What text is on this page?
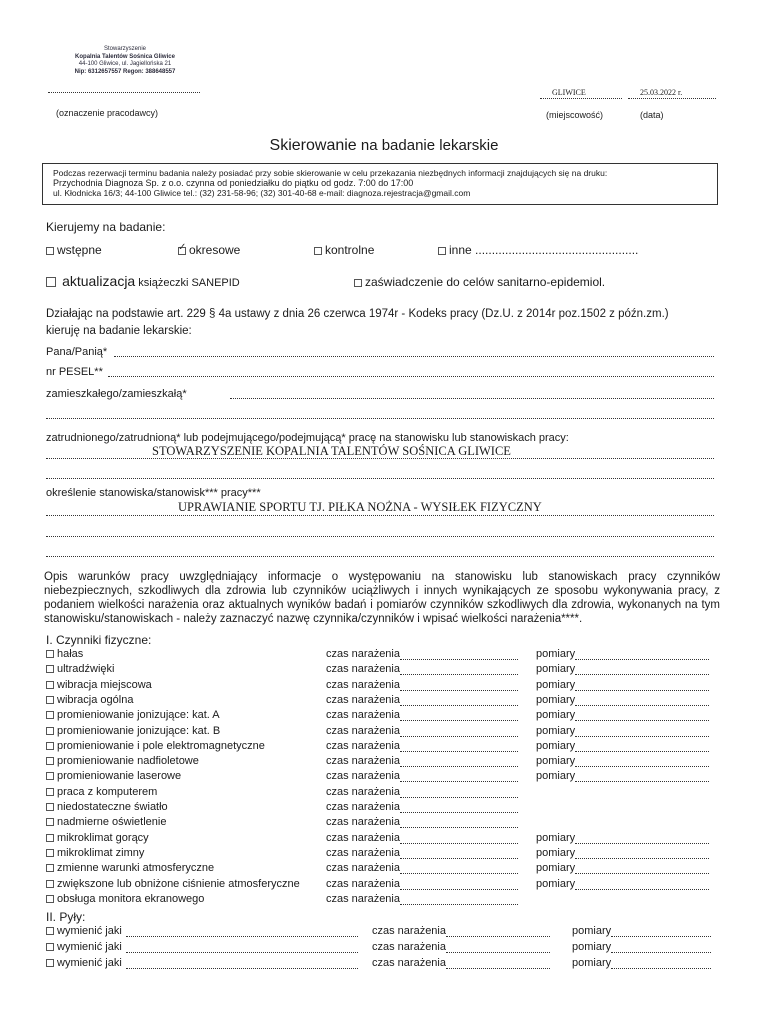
Stowarzyszenie
Kopalnia Talentów Sośnica Gliwice
44-100 Gliwice, ul. Jagiellońska 21
Nip: 6312657557 Regon: 388648557
(oznaczenie pracodawcy)
GLIWICE	25.03.2022 r.
(miejscowość)	(data)
Skierowanie na badanie lekarskie
Podczas rezerwacji terminu badania należy posiadać przy sobie skierowanie w celu przekazania niezbędnych informacji znajdujących się na druku:
Przychodnia Diagnoza Sp. z o.o. czynna od poniedziałku do piątku od godz. 7:00 do 17:00
ul. Kłodnicka 16/3; 44-100 Gliwice tel.: (32) 231-58-96; (32) 301-40-68 e-mail: diagnoza.rejestracja@gmail.com
Kierujemy na badanie:
wstępne
✓	okresowe	kontrolne	inne .................................................
aktualizacja książeczki SANEPID	zaświadczenie do celów sanitarno-epidemiol.
Działając na podstawie art. 229 § 4a ustawy z dnia 26 czerwca 1974r - Kodeks pracy (Dz.U. z 2014r poz.1502 z późn.zm.)
kieruję na badanie lekarskie:
Pana/Panią*
nr PESEL**
zamieszkałego/zamieszkałą*
zatrudnionego/zatrudnioną* lub podejmującego/podejmującą* pracę na stanowisku lub stanowiskach pracy:
STOWARZYSZENIE KOPALNIA TALENTÓW SOŚNICA GLIWICE
określenie stanowiska/stanowisk*** pracy***
UPRAWIANIE SPORTU TJ. PIŁKA NOŻNA - WYSIŁEK FIZYCZNY
Opis warunków pracy uwzględniający informacje o występowaniu na stanowisku lub stanowiskach pracy czynników niebezpiecznych, szkodliwych dla zdrowia lub czynników uciążliwych i innych wynikających ze sposobu wykonywania pracy, z podaniem wielkości narażenia oraz aktualnych wyników badań i pomiarów czynników szkodliwych dla zdrowia, wykonanych na tym stanowisku/stanowiskach - należy zaznaczyć nazwę czynnika/czynników i wpisać wielkości narażenia****.
I. Czynniki fizyczne:
hałas	czas narażenia	pomiary
ultradźwięki	czas narażenia	pomiary
wibracja miejscowa	czas narażenia	pomiary
wibracja ogólna	czas narażenia	pomiary
promieniowanie jonizujące: kat. A	czas narażenia	pomiary
promieniowanie jonizujące: kat. B	czas narażenia	pomiary
promieniowanie i pole elektromagnetyczne	czas narażenia	pomiary
promieniowanie nadfioletowe	czas narażenia	pomiary
promieniowanie laserowe	czas narażenia	pomiary
praca z komputerem	czas narażenia
niedostateczne światło	czas narażenia
nadmierne oświetlenie	czas narażenia
mikroklimat gorący	czas narażenia	pomiary
mikroklimat zimny	czas narażenia	pomiary
zmienne warunki atmosferyczne	czas narażenia	pomiary
zwiększone lub obniżone ciśnienie atmosferyczne czas narażenia	pomiary
obsługa monitora ekranowego	czas narażenia
II. Pyły:
wymienić jaki	czas narażenia	pomiary
wymienić jaki	czas narażenia	pomiary
wymienić jaki	czas narażenia	pomiary
